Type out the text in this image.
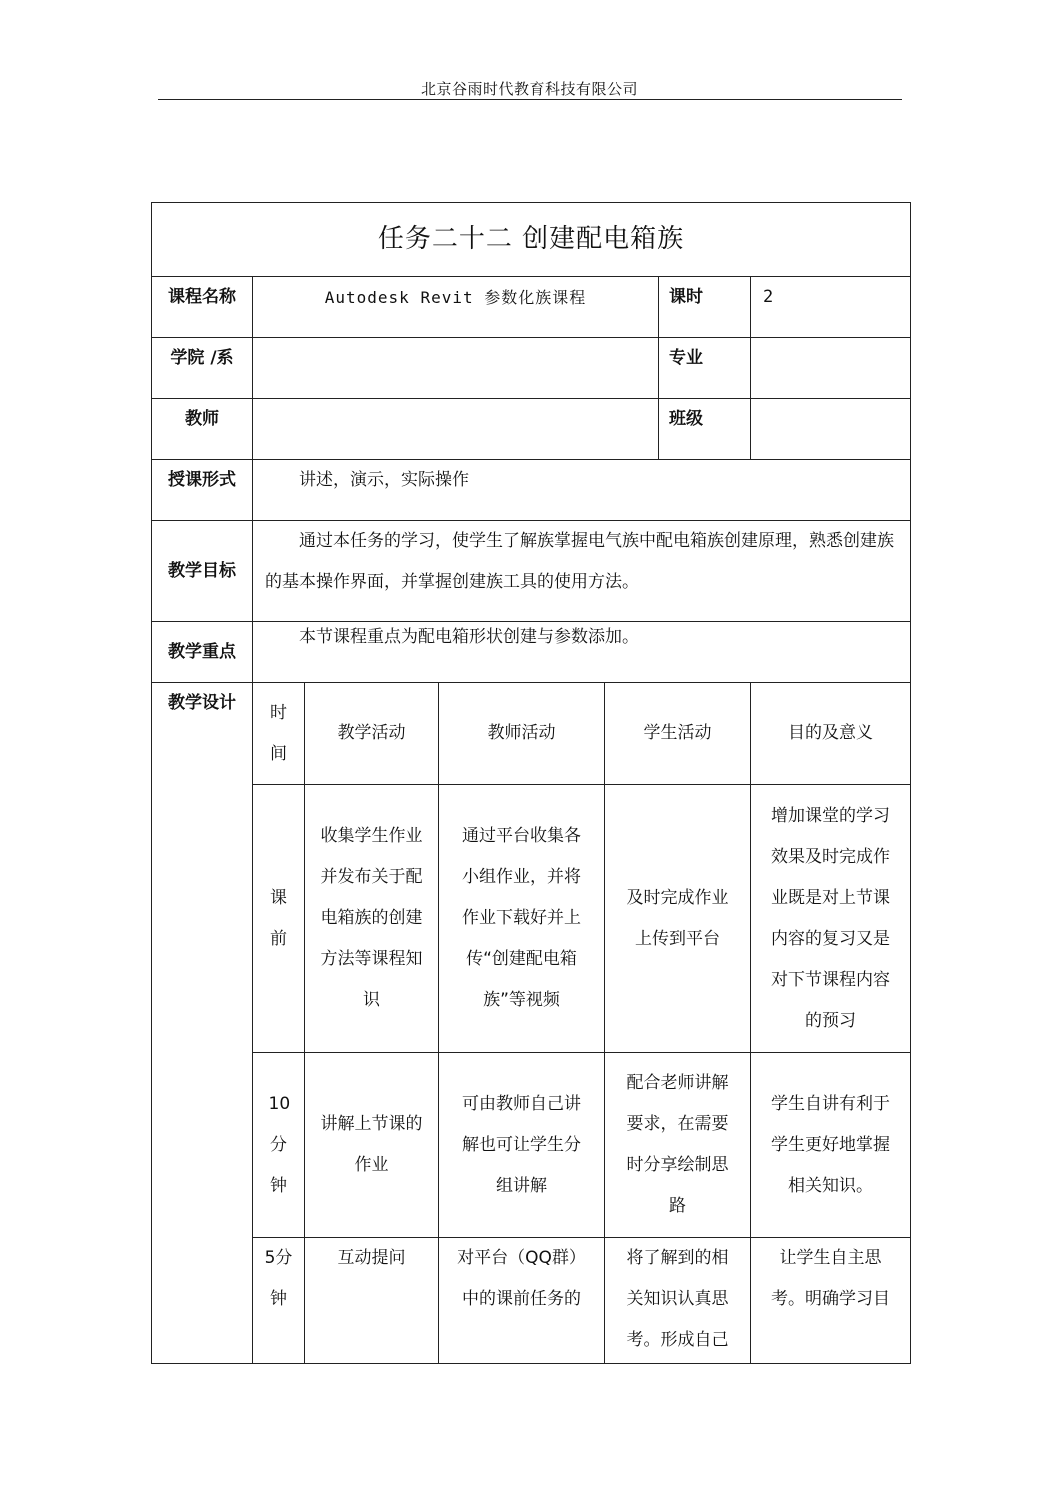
北京谷雨时代教育科技有限公司
任务二十二 创建配电箱族						

课程名称	Autodesk Revit 参数化族课程				课时	2
学院 /系					专业	
教师					班级	
授课形式	讲述，演示，实际操作					
教学目标	通过本任务的学习，使学生了解族掌握电气族中配电箱族创建原理，熟悉创建族的基本操作界面，并掌握创建族工具的使用方法。					
教学重点	本节课程重点为配电箱形状创建与参数添加。					
教学设计	时间	教学活动	教师活动	学生活动		目的及意义

	课前	收集学生作业并发布关于配电箱族的创建方法等课程知识	通过平台收集各小组作业，并将作业下载好并上传“创建配电箱族”等视频	及时完成作业上传到平台		增加课堂的学习效果及时完成作业既是对上节课内容的复习又是对下节课程内容的预习

	10分钟	讲解上节课的作业	可由教师自己讲解也可让学生分组讲解	配合老师讲解要求，在需要时分享绘制思路		学生自讲有利于学生更好地掌握相关知识。

	5分钟	互动提问	对平台（QQ群）中的课前任务的	将了解到的相关知识认真思考。形成自己		让学生自主思考。明确学习目
